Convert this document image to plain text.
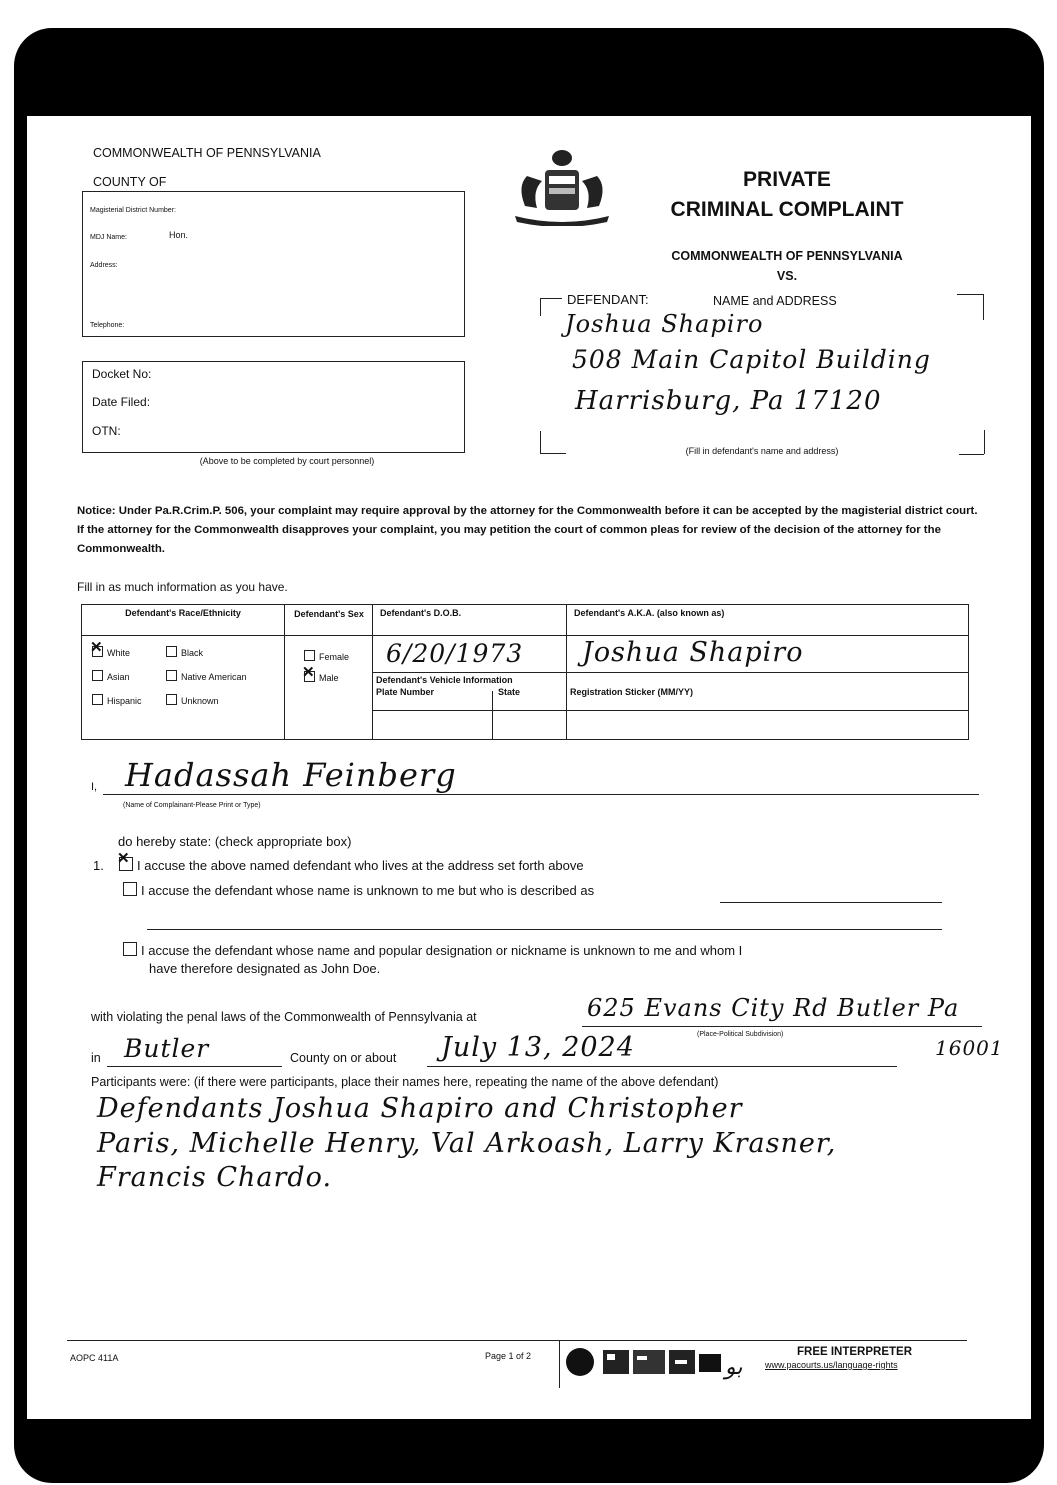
COMMONWEALTH OF PENNSYLVANIA
COUNTY OF
Magisterial District Number:
MDJ Name:	Hon.
Address:
Telephone:
Docket No:
Date Filed:
OTN:
(Above to be completed by court personnel)
PRIVATE
CRIMINAL COMPLAINT
COMMONWEALTH OF PENNSYLVANIA
VS.
DEFENDANT:	NAME and ADDRESS
Joshua Shapiro
508 Main Capitol Building
Harrisburg, Pa 17120
(Fill in defendant's name and address)
Notice: Under Pa.R.Crim.P. 506, your complaint may require approval by the attorney for the Commonwealth before it can be accepted by the magisterial district court. If the attorney for the Commonwealth disapproves your complaint, you may petition the court of common pleas for review of the decision of the attorney for the Commonwealth.
Fill in as much information as you have.
Defendant's Race/Ethnicity	Defendant's Sex	Defendant's D.O.B.	Defendant's A.K.A. (also known as)
✕White	Black
Asian	Native American
Hispanic	Unknown
Female
✕Male
6/20/1973 Joshua Shapiro
Defendant's Vehicle Information
Plate Number	State	Registration Sticker (MM/YY)
I, Hadassah Feinberg
(Name of Complainant-Please Print or Type)
do hereby state: (check appropriate box)
1.
✕	I accuse the above named defendant who lives at the address set forth above
I accuse the defendant whose name is unknown to me but who is described as
I accuse the defendant whose name and popular designation or nickname is unknown to me and whom I
have therefore designated as John Doe.
with violating the penal laws of the Commonwealth of Pennsylvania at	625 Evans City Rd Butler Pa
(Place-Political Subdivision)
16001
in Butler	County on or about July 13, 2024
Participants were: (if there were participants, place their names here, repeating the name of the above defendant)
Defendants Joshua Shapiro and Christopher
Paris, Michelle Henry, Val Arkoash, Larry Krasner,
Francis Chardo.
AOPC 411A	Page 1 of 2	بو
FREE INTERPRETER
www.pacourts.us/language-rights
